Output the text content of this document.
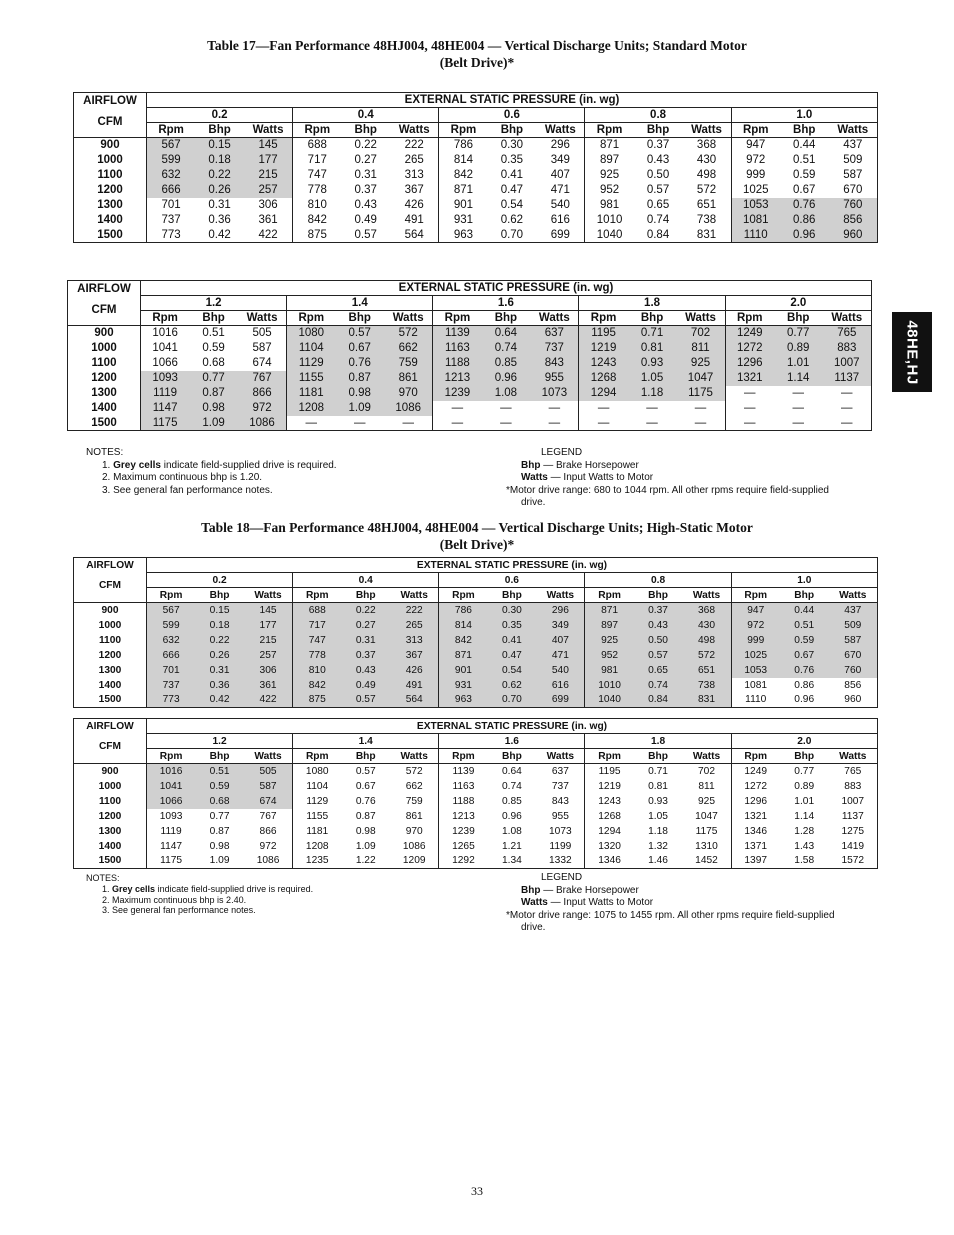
Table 17—Fan Performance 48HJ004, 48HE004 — Vertical Discharge Units; Standard Motor
(Belt Drive)*
AIRFLOW
CFM	EXTERNAL STATIC PRESSURE (in. wg)														
	0.2			0.4			0.6			0.8			1.0		
	Rpm	Bhp	Watts	Rpm	Bhp	Watts	Rpm	Bhp	Watts	Rpm	Bhp	Watts	Rpm	Bhp	Watts
900	567	0.15	145	688	0.22	222	786	0.30	296	871	0.37	368	947	0.44	437
1000	599	0.18	177	717	0.27	265	814	0.35	349	897	0.43	430	972	0.51	509
1100	632	0.22	215	747	0.31	313	842	0.41	407	925	0.50	498	999	0.59	587
1200	666	0.26	257	778	0.37	367	871	0.47	471	952	0.57	572	1025	0.67	670
1300	701	0.31	306	810	0.43	426	901	0.54	540	981	0.65	651	1053	0.76	760
1400	737	0.36	361	842	0.49	491	931	0.62	616	1010	0.74	738	1081	0.86	856
1500	773	0.42	422	875	0.57	564	963	0.70	699	1040	0.84	831	1110	0.96	960
AIRFLOW
CFM	EXTERNAL STATIC PRESSURE (in. wg)														
	1.2			1.4			1.6			1.8			2.0		
	Rpm	Bhp	Watts	Rpm	Bhp	Watts	Rpm	Bhp	Watts	Rpm	Bhp	Watts	Rpm	Bhp	Watts
900	1016	0.51	505	1080	0.57	572	1139	0.64	637	1195	0.71	702	1249	0.77	765
1000	1041	0.59	587	1104	0.67	662	1163	0.74	737	1219	0.81	811	1272	0.89	883
1100	1066	0.68	674	1129	0.76	759	1188	0.85	843	1243	0.93	925	1296	1.01	1007
1200	1093	0.77	767	1155	0.87	861	1213	0.96	955	1268	1.05	1047	1321	1.14	1137
1300	1119	0.87	866	1181	0.98	970	1239	1.08	1073	1294	1.18	1175	—	—	—
1400	1147	0.98	972	1208	1.09	1086	—	—	—	—	—	—	—	—	—
1500	1175	1.09	1086	—	—	—	—	—	—	—	—	—	—	—	—
NOTES:
1. Grey cells indicate field-supplied drive is required.
2. Maximum continuous bhp is 1.20.
3. See general fan performance notes.
LEGEND
Bhp — Brake Horsepower
Watts — Input Watts to Motor
*Motor drive range: 680 to 1044 rpm. All other rpms require field-supplied
drive.
Table 18—Fan Performance 48HJ004, 48HE004 — Vertical Discharge Units; High-Static Motor
(Belt Drive)*
AIRFLOW
CFM	EXTERNAL STATIC PRESSURE (in. wg)														
	0.2			0.4			0.6			0.8			1.0		
	Rpm	Bhp	Watts	Rpm	Bhp	Watts	Rpm	Bhp	Watts	Rpm	Bhp	Watts	Rpm	Bhp	Watts
900	567	0.15	145	688	0.22	222	786	0.30	296	871	0.37	368	947	0.44	437
1000	599	0.18	177	717	0.27	265	814	0.35	349	897	0.43	430	972	0.51	509
1100	632	0.22	215	747	0.31	313	842	0.41	407	925	0.50	498	999	0.59	587
1200	666	0.26	257	778	0.37	367	871	0.47	471	952	0.57	572	1025	0.67	670
1300	701	0.31	306	810	0.43	426	901	0.54	540	981	0.65	651	1053	0.76	760
1400	737	0.36	361	842	0.49	491	931	0.62	616	1010	0.74	738	1081	0.86	856
1500	773	0.42	422	875	0.57	564	963	0.70	699	1040	0.84	831	1110	0.96	960
AIRFLOW
CFM	EXTERNAL STATIC PRESSURE (in. wg)														
	1.2			1.4			1.6			1.8			2.0		
	Rpm	Bhp	Watts	Rpm	Bhp	Watts	Rpm	Bhp	Watts	Rpm	Bhp	Watts	Rpm	Bhp	Watts
900	1016	0.51	505	1080	0.57	572	1139	0.64	637	1195	0.71	702	1249	0.77	765
1000	1041	0.59	587	1104	0.67	662	1163	0.74	737	1219	0.81	811	1272	0.89	883
1100	1066	0.68	674	1129	0.76	759	1188	0.85	843	1243	0.93	925	1296	1.01	1007
1200	1093	0.77	767	1155	0.87	861	1213	0.96	955	1268	1.05	1047	1321	1.14	1137
1300	1119	0.87	866	1181	0.98	970	1239	1.08	1073	1294	1.18	1175	1346	1.28	1275
1400	1147	0.98	972	1208	1.09	1086	1265	1.21	1199	1320	1.32	1310	1371	1.43	1419
1500	1175	1.09	1086	1235	1.22	1209	1292	1.34	1332	1346	1.46	1452	1397	1.58	1572
NOTES:
1. Grey cells indicate field-supplied drive is required.
2. Maximum continuous bhp is 2.40.
3. See general fan performance notes.
LEGEND
Bhp — Brake Horsepower
Watts — Input Watts to Motor
*Motor drive range: 1075 to 1455 rpm. All other rpms require field-supplied
drive.
48HE,HJ
33
